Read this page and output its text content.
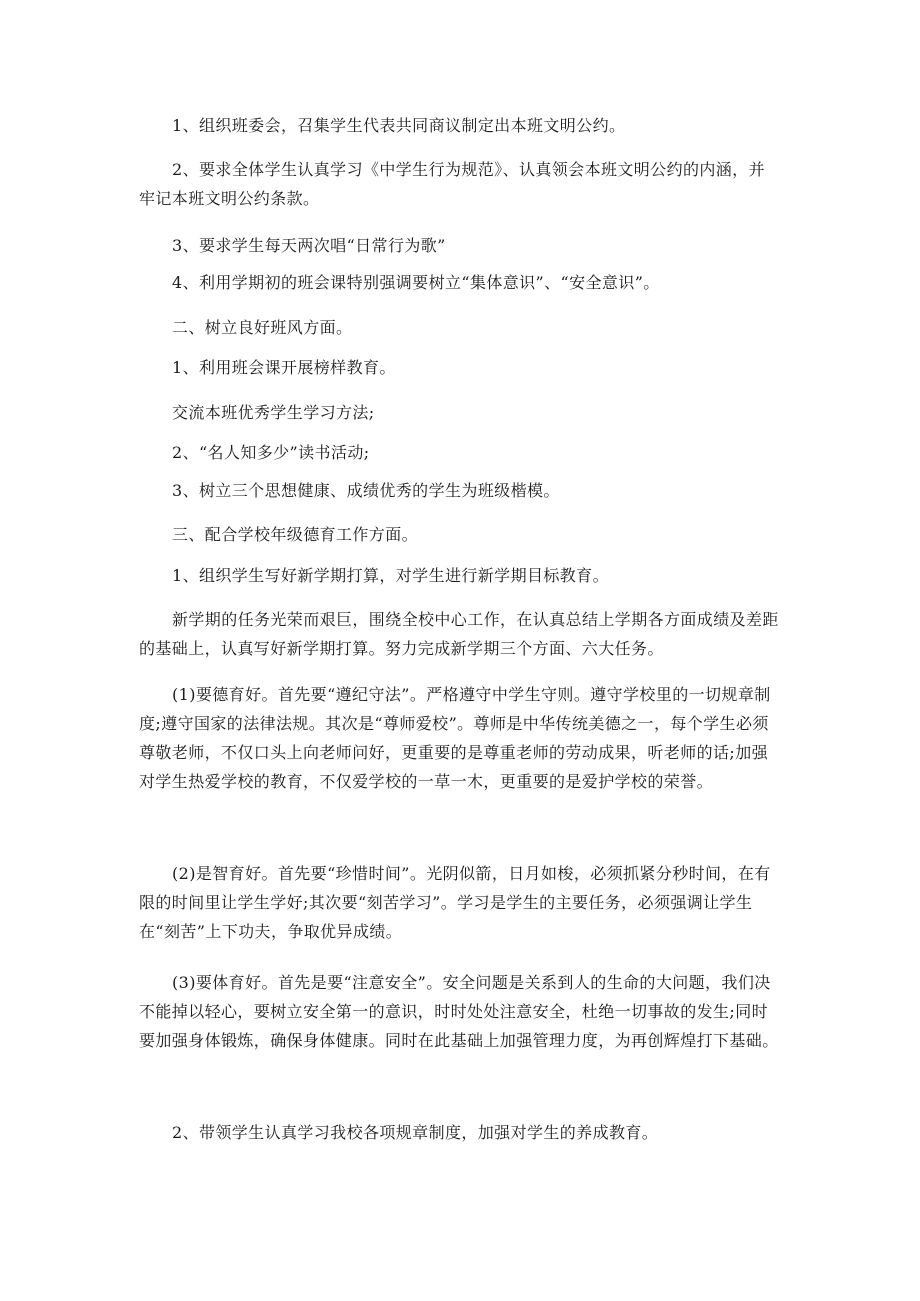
1、组织班委会，召集学生代表共同商议制定出本班文明公约。

2、要求全体学生认真学习《中学生行为规范》、认真领会本班文明公约的内涵，并牢记本班文明公约条款。

3、要求学生每天两次唱“日常行为歌”

4、利用学期初的班会课特别强调要树立“集体意识”、“安全意识”。

二、树立良好班风方面。

1、利用班会课开展榜样教育。

交流本班优秀学生学习方法;

2、“名人知多少”读书活动;

3、树立三个思想健康、成绩优秀的学生为班级楷模。

三、配合学校年级德育工作方面。

1、组织学生写好新学期打算，对学生进行新学期目标教育。

新学期的任务光荣而艰巨，围绕全校中心工作，在认真总结上学期各方面成绩及差距的基础上，认真写好新学期打算。努力完成新学期三个方面、六大任务。

(1)要德育好。首先要“遵纪守法”。严格遵守中学生守则。遵守学校里的一切规章制度;遵守国家的法律法规。其次是“尊师爱校”。尊师是中华传统美德之一，每个学生必须尊敬老师，不仅口头上向老师问好，更重要的是尊重老师的劳动成果，听老师的话;加强对学生热爱学校的教育，不仅爱学校的一草一木，更重要的是爱护学校的荣誉。

(2)是智育好。首先要“珍惜时间”。光阴似箭，日月如梭，必须抓紧分秒时间，在有限的时间里让学生学好;其次要“刻苦学习”。学习是学生的主要任务，必须强调让学生在“刻苦”上下功夫，争取优异成绩。

(3)要体育好。首先是要“注意安全”。安全问题是关系到人的生命的大问题，我们决不能掉以轻心，要树立安全第一的意识，时时处处注意安全，杜绝一切事故的发生;同时要加强身体锻炼，确保身体健康。同时在此基础上加强管理力度，为再创辉煌打下基础。

2、带领学生认真学习我校各项规章制度，加强对学生的养成教育。
